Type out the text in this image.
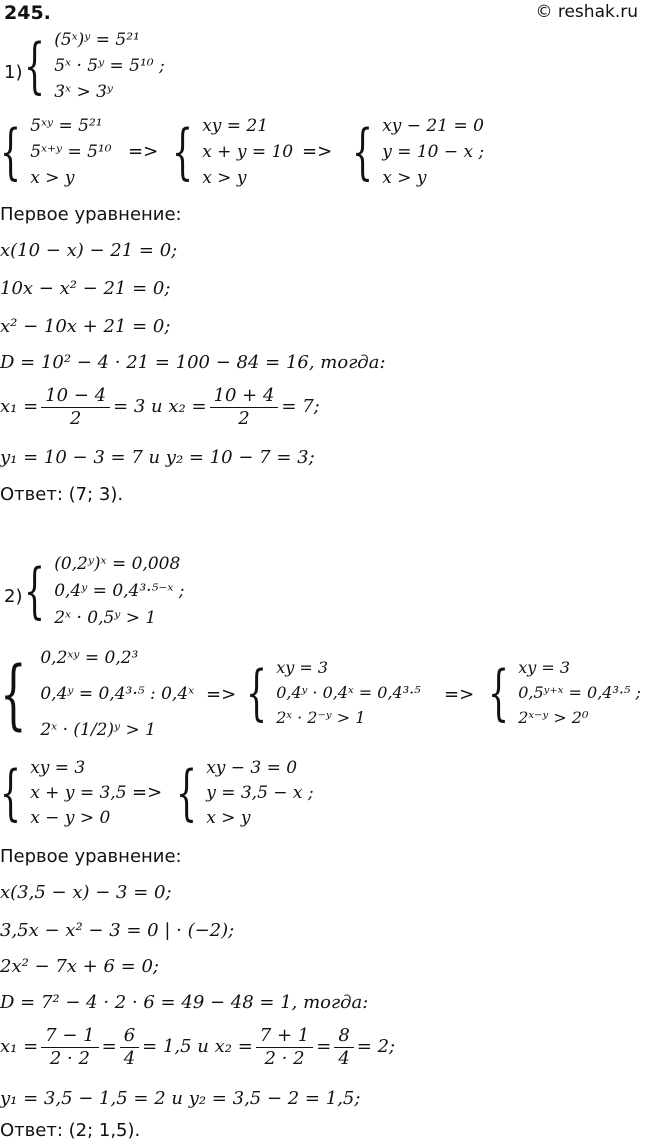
245.	© reshak.ru
1) { (5ˣ)ʸ = 5²¹
5ˣ · 5ʸ = 5¹⁰ ;
3ˣ > 3ʸ
{ 5ˣʸ = 5²¹
5ˣ⁺ʸ = 5¹⁰
x > y
=> { xy = 21
x + y = 10
x > y
=> { xy − 21 = 0
y = 10 − x ;
x > y
Первое уравнение:
x(10 − x) − 21 = 0;
10x − x² − 21 = 0;
x² − 10x + 21 = 0;
D = 10² − 4 · 21 = 100 − 84 = 16, тогда:
$x_1 = \frac{10 - 4}{2} = 3$ и $x_2 = \frac{10 + 4}{2} = 7$;
y₁ = 10 − 3 = 7 и y₂ = 10 − 7 = 3;
Ответ: (7; 3).
2) { (0,2ʸ)ˣ = 0,008
0,4ʸ = 0,4³·⁵⁻ˣ ;
2ˣ · 0,5ʸ > 1
{ 0,2ˣʸ = 0,2³
0,4ʸ = 0,4³·⁵ : 0,4ˣ
2ˣ · (1/2)ʸ > 1
=> { xy = 3
0,4ʸ · 0,4ˣ = 0,4³·⁵
2ˣ · 2⁻ʸ > 1
=> { xy = 3
0,5ʸ⁺ˣ = 0,4³·⁵ ;
2ˣ⁻ʸ > 2⁰
{ xy = 3
x + y = 3,5
x − y > 0
=> { xy − 3 = 0
y = 3,5 − x ;
x > y
Первое уравнение:
x(3,5 − x) − 3 = 0;
3,5x − x² − 3 = 0 | · (−2);
2x² − 7x + 6 = 0;
D = 7² − 4 · 2 · 6 = 49 − 48 = 1, тогда:
$x_1 = \frac{7 - 1}{2 \cdot 2} = \frac{6}{4} = 1,5$ и $x_2 = \frac{7 + 1}{2 \cdot 2} = \frac{8}{4} = 2$;
y₁ = 3,5 − 1,5 = 2 и y₂ = 3,5 − 2 = 1,5;
Ответ: (2; 1,5).
